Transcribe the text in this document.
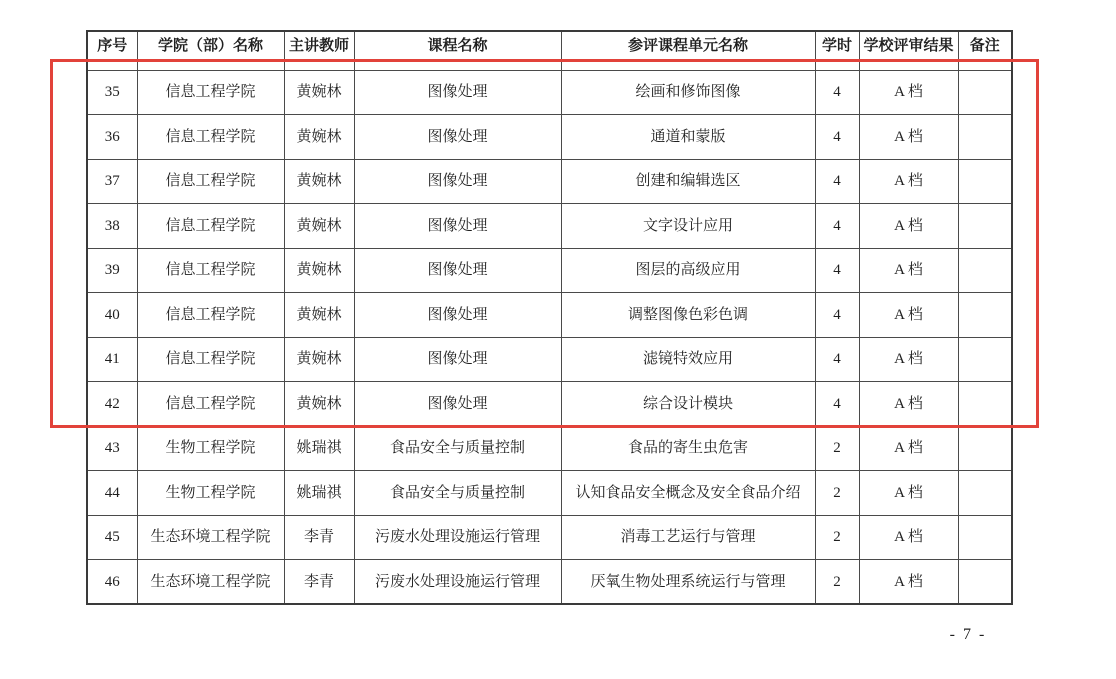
序号	学院（部）名称	主讲教师	课程名称	参评课程单元名称	学时	学校评审结果	备注

35	信息工程学院	黄婉林	图像处理	绘画和修饰图像	4	A 档	
36	信息工程学院	黄婉林	图像处理	通道和蒙版	4	A 档	
37	信息工程学院	黄婉林	图像处理	创建和编辑选区	4	A 档	
38	信息工程学院	黄婉林	图像处理	文字设计应用	4	A 档	
39	信息工程学院	黄婉林	图像处理	图层的高级应用	4	A 档	
40	信息工程学院	黄婉林	图像处理	调整图像色彩色调	4	A 档	
41	信息工程学院	黄婉林	图像处理	滤镜特效应用	4	A 档	
42	信息工程学院	黄婉林	图像处理	综合设计模块	4	A 档	
43	生物工程学院	姚瑞祺	食品安全与质量控制	食品的寄生虫危害	2	A 档	
44	生物工程学院	姚瑞祺	食品安全与质量控制	认知食品安全概念及安全食品介绍	2	A 档	
45	生态环境工程学院	李青	污废水处理设施运行管理	消毒工艺运行与管理	2	A 档	
46	生态环境工程学院	李青	污废水处理设施运行管理	厌氧生物处理系统运行与管理	2	A 档	
- 7 -
